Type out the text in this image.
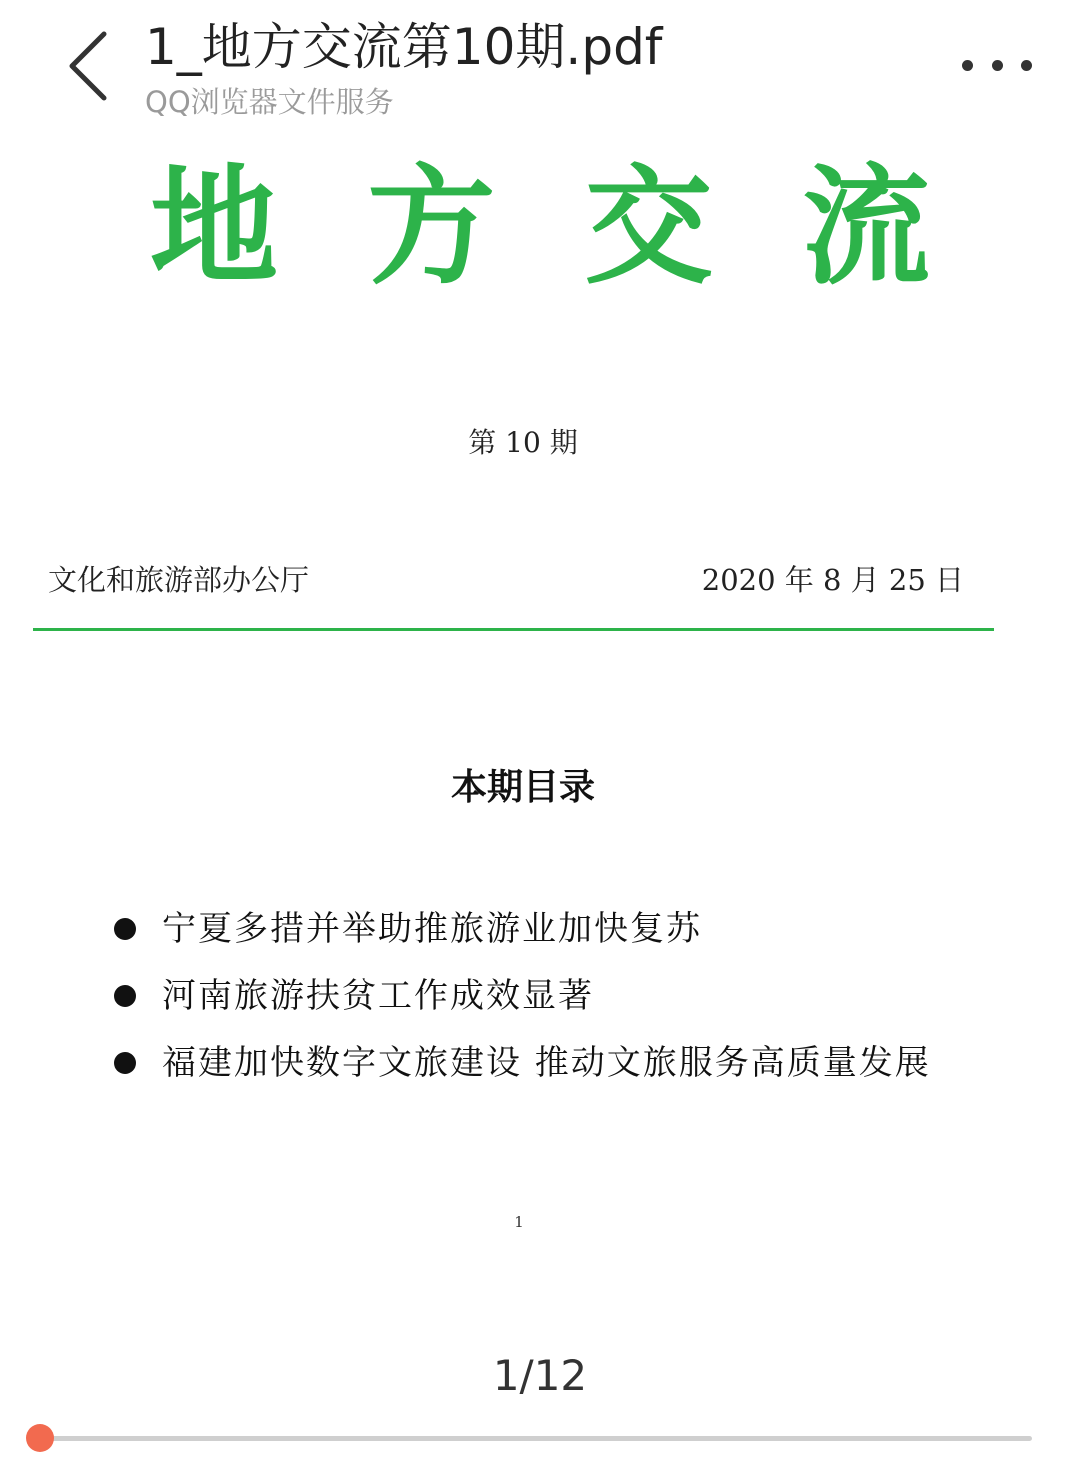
1_地方交流第10期.pdf
QQ浏览器文件服务
地 方 交 流
第 10 期
文化和旅游部办公厅	2020 年 8 月 25 日
本期目录
宁夏多措并举助推旅游业加快复苏
河南旅游扶贫工作成效显著
福建加快数字文旅建设 推动文旅服务高质量发展
1
1/12
